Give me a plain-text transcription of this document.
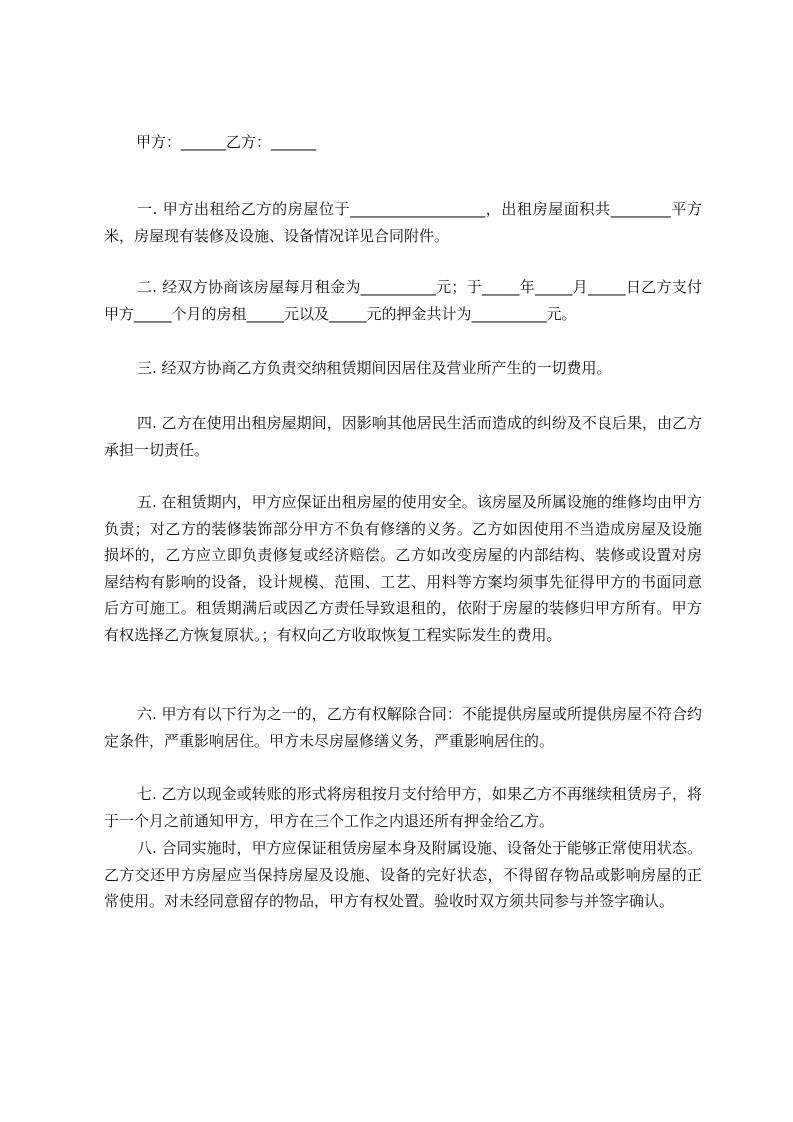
甲方：______乙方：______

一. 甲方出租给乙方的房屋位于__________________，出租房屋面积共________平方米，房屋现有装修及设施、设备情况详见合同附件。

二. 经双方协商该房屋每月租金为__________元；于_____年_____月_____日乙方支付甲方_____个月的房租_____元以及_____元的押金共计为__________元。

三. 经双方协商乙方负责交纳租赁期间因居住及营业所产生的一切费用。

四. 乙方在使用出租房屋期间，因影响其他居民生活而造成的纠纷及不良后果，由乙方承担一切责任。

五. 在租赁期内，甲方应保证出租房屋的使用安全。该房屋及所属设施的维修均由甲方负责；对乙方的装修装饰部分甲方不负有修缮的义务。乙方如因使用不当造成房屋及设施损坏的，乙方应立即负责修复或经济赔偿。乙方如改变房屋的内部结构、装修或设置对房屋结构有影响的设备，设计规模、范围、工艺、用料等方案均须事先征得甲方的书面同意后方可施工。租赁期满后或因乙方责任导致退租的，依附于房屋的装修归甲方所有。甲方有权选择乙方恢复原状。；有权向乙方收取恢复工程实际发生的费用。

六. 甲方有以下行为之一的，乙方有权解除合同：不能提供房屋或所提供房屋不符合约定条件，严重影响居住。甲方未尽房屋修缮义务，严重影响居住的。

七. 乙方以现金或转账的形式将房租按月支付给甲方，如果乙方不再继续租赁房子，将于一个月之前通知甲方，甲方在三个工作之内退还所有押金给乙方。

八. 合同实施时，甲方应保证租赁房屋本身及附属设施、设备处于能够正常使用状态。乙方交还甲方房屋应当保持房屋及设施、设备的完好状态，不得留存物品或影响房屋的正常使用。对未经同意留存的物品，甲方有权处置。验收时双方须共同参与并签字确认。
